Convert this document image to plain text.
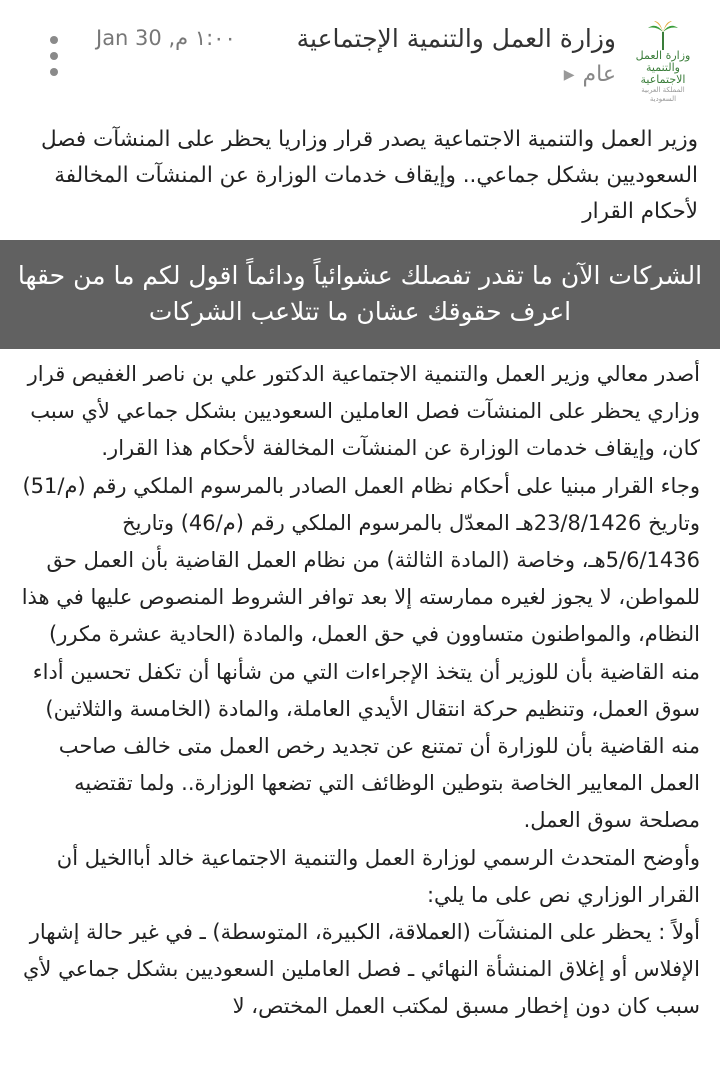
Jan 30 ,١:٠٠ م وزارة العمل والتنمية الإجتماعية
عام
▶
وزارة العمل
والتنمية الاجتماعية
المملكة العربية السعودية
وزير العمل والتنمية الاجتماعية يصدر قرار وزاريا يحظر على المنشآت فصل السعوديين بشكل جماعي.. وإيقاف خدمات الوزارة عن المنشآت المخالفة لأحكام القرار
الشركات الآن ما تقدر تفصلك عشوائياً ودائماً اقول لكم ما من حقها اعرف حقوقك عشان ما تتلاعب الشركات

أصدر معالي وزير العمل والتنمية الاجتماعية الدكتور علي بن ناصر الغفيص قرار وزاري يحظر على المنشآت فصل العاملين السعوديين بشكل جماعي لأي سبب كان، وإيقاف خدمات الوزارة عن المنشآت المخالفة لأحكام هذا القرار.

وجاء القرار مبنيا على أحكام نظام العمل الصادر بالمرسوم الملكي رقم (م/51) وتاريخ 23/8/1426هـ المعدّل بالمرسوم الملكي رقم (م/46) وتاريخ 5/6/1436هـ، وخاصة (المادة الثالثة) من نظام العمل القاضية بأن العمل حق للمواطن، لا يجوز لغيره ممارسته إلا بعد توافر الشروط المنصوص عليها في هذا النظام، والمواطنون متساوون في حق العمل، والمادة (الحادية عشرة مكرر) منه القاضية بأن للوزير أن يتخذ الإجراءات التي من شأنها أن تكفل تحسين أداء سوق العمل، وتنظيم حركة انتقال الأيدي العاملة، والمادة (الخامسة والثلاثين) منه القاضية بأن للوزارة أن تمتنع عن تجديد رخص العمل متى خالف صاحب العمل المعايير الخاصة بتوطين الوظائف التي تضعها الوزارة.. ولما تقتضيه مصلحة سوق العمل.

وأوضح المتحدث الرسمي لوزارة العمل والتنمية الاجتماعية خالد أباالخيل أن القرار الوزاري نص على ما يلي:

أولاً : يحظر على المنشآت (العملاقة، الكبيرة، المتوسطة) ـ في غير حالة إشهار الإفلاس أو إغلاق المنشأة النهائي ـ فصل العاملين السعوديين بشكل جماعي لأي سبب كان دون إخطار مسبق لمكتب العمل المختص، لا
